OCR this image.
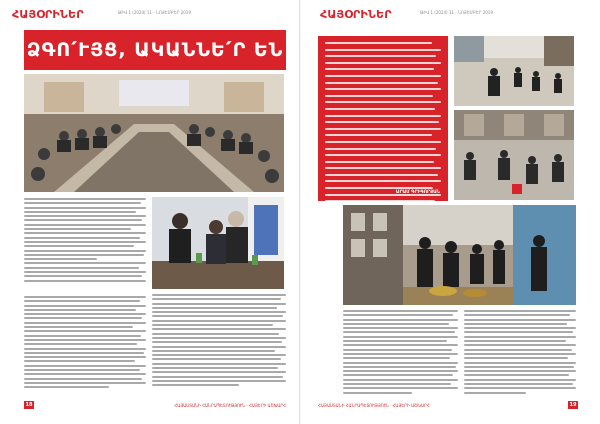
ՀԱՅՕՐԻՆԵՐ	ԹԻՎ 1 (2024) 11 - ՆՈՅԵՄԲԵՐ 2019	ՀԱՅՕՐԻՆԵՐ	ԹԻՎ 1 (2024) 11 - ՆՈՅԵՄԲԵՐ 2019
ՁԳՈ՛ՒՅՑ, ԱԿԱՆՆԵ՛Ր ԵՆ
ԱՐԱՄ ԳՐԻԳՈՐՅԱՆ
18	ՀԱՅԱՍՏԱՆԻ ՀԱՆՐԱՊԵՏՈՒԹՅՈՒՆ · ՀԱՅԵՐԻ ԱՇԽԱՐՀ	ՀԱՅԱՍՏԱՆԻ ՀԱՆՐԱՊԵՏՈՒԹՅՈՒՆ · ՀԱՅԵՐԻ ԱՇԽԱՐՀ	19
